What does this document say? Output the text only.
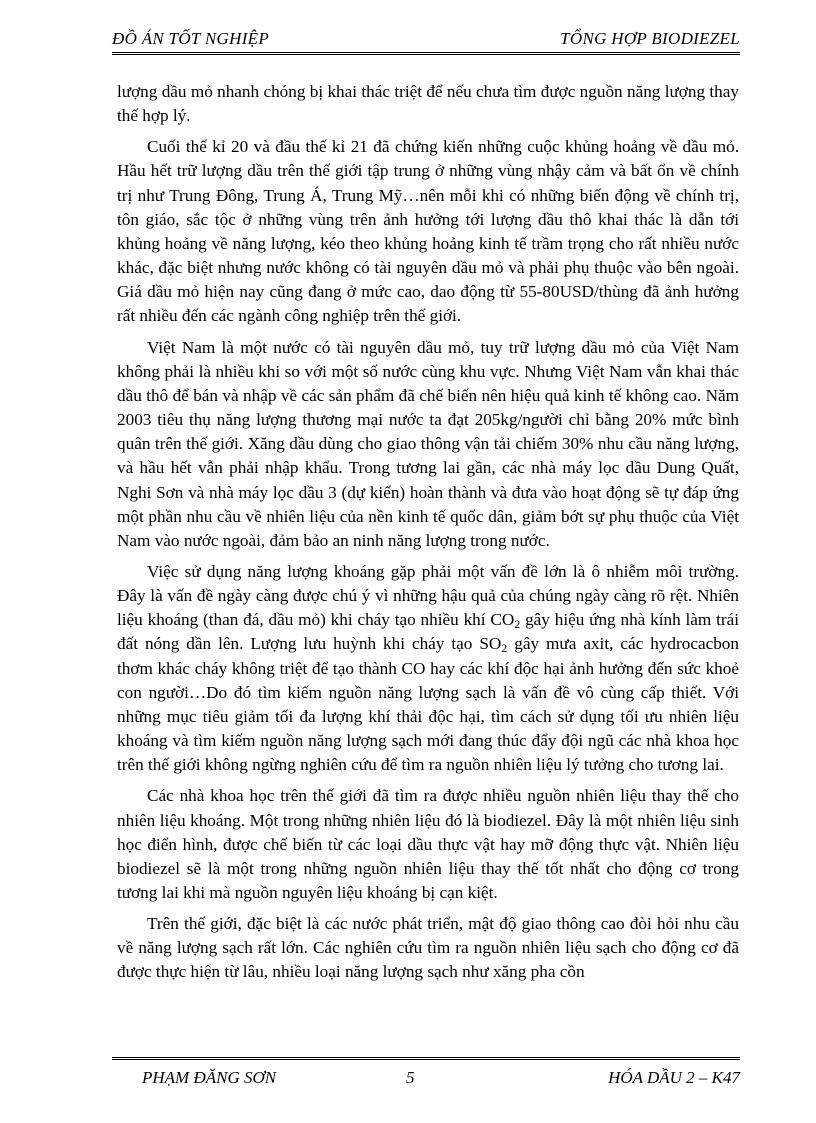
ĐỒ ÁN TỐT NGHIỆP	TỔNG HỢP BIODIEZEL

lượng dầu mỏ nhanh chóng bị khai thác triệt để nếu chưa tìm được nguồn năng lượng thay thế hợp lý.

Cuối thế kỉ 20 và đầu thế kỉ 21 đã chứng kiến những cuộc khủng hoảng về dầu mỏ. Hầu hết trữ lượng dầu trên thế giới tập trung ở những vùng nhậy cảm và bất ổn về chính trị như Trung Đông, Trung Á, Trung Mỹ…nên mỗi khi có những biến động về chính trị, tôn giáo, sắc tộc ở những vùng trên ảnh hưởng tới lượng dầu thô khai thác là dẫn tới khủng hoảng về năng lượng, kéo theo khủng hoảng kinh tế trầm trọng cho rất nhiều nước khác, đặc biệt nhưng nước không có tài nguyên dầu mỏ và phải phụ thuộc vào bên ngoài. Giá dầu mỏ hiện nay cũng đang ở mức cao, dao động từ 55-80USD/thùng đã ảnh hưởng rất nhiều đến các ngành công nghiệp trên thế giới.

Việt Nam là một nước có tài nguyên dầu mỏ, tuy trữ lượng dầu mỏ của Việt Nam không phải là nhiều khi so với một số nước cùng khu vực. Nhưng Việt Nam vẫn khai thác dầu thô để bán và nhập về các sản phẩm đã chế biến nên hiệu quả kinh tế không cao. Năm 2003 tiêu thụ năng lượng thương mại nước ta đạt 205kg/người chỉ bằng 20% mức bình quân trên thế giới. Xăng dầu dùng cho giao thông vận tải chiếm 30% nhu cầu năng lượng, và hầu hết vẫn phải nhập khẩu. Trong tương lai gần, các nhà máy lọc dầu Dung Quất, Nghi Sơn và nhà máy lọc dầu 3 (dự kiến) hoàn thành và đưa vào hoạt động sẽ tự đáp ứng một phần nhu cầu về nhiên liệu của nền kinh tế quốc dân, giảm bớt sự phụ thuộc của Việt Nam vào nước ngoài, đảm bảo an ninh năng lượng trong nước.

Việc sử dụng năng lượng khoáng gặp phải một vấn đề lớn là ô nhiễm môi trường. Đây là vấn đề ngày càng được chú ý vì những hậu quả của chúng ngày càng rõ rệt. Nhiên liệu khoáng (than đá, dầu mỏ) khi cháy tạo nhiều khí $CO_2$ gây hiệu ứng nhà kính làm trái đất nóng dần lên. Lượng lưu huỳnh khi cháy tạo $SO_2$ gây mưa axit, các hydrocacbon thơm khác cháy không triệt để tạo thành CO hay các khí độc hại ảnh hưởng đến sức khoẻ con người…Do đó tìm kiếm nguồn năng lượng sạch là vấn đề vô cùng cấp thiết. Với những mục tiêu giảm tối đa lượng khí thải độc hại, tìm cách sử dụng tối ưu nhiên liệu khoáng và tìm kiếm nguồn năng lượng sạch mới đang thúc đẩy đội ngũ các nhà khoa học trên thế giới không ngừng nghiên cứu để tìm ra nguồn nhiên liệu lý tưởng cho tương lai.

Các nhà khoa học trên thế giới đã tìm ra được nhiều nguồn nhiên liệu thay thế cho nhiên liệu khoáng. Một trong những nhiên liệu đó là biodiezel. Đây là một nhiên liệu sinh học điển hình, được chế biến từ các loại dầu thực vật hay mỡ động thực vật. Nhiên liệu biodiezel sẽ là một trong những nguồn nhiên liệu thay thế tốt nhất cho động cơ trong tương lai khi mà nguồn nguyên liệu khoáng bị cạn kiệt.

Trên thế giới, đặc biệt là các nước phát triển, mật độ giao thông cao đòi hỏi nhu cầu về năng lượng sạch rất lớn. Các nghiên cứu tìm ra nguồn nhiên liệu sạch cho động cơ đã được thực hiện từ lâu, nhiều loại năng lượng sạch như xăng pha cồn

PHẠM ĐĂNG SƠN	5	HÓA DẦU 2 – K47
